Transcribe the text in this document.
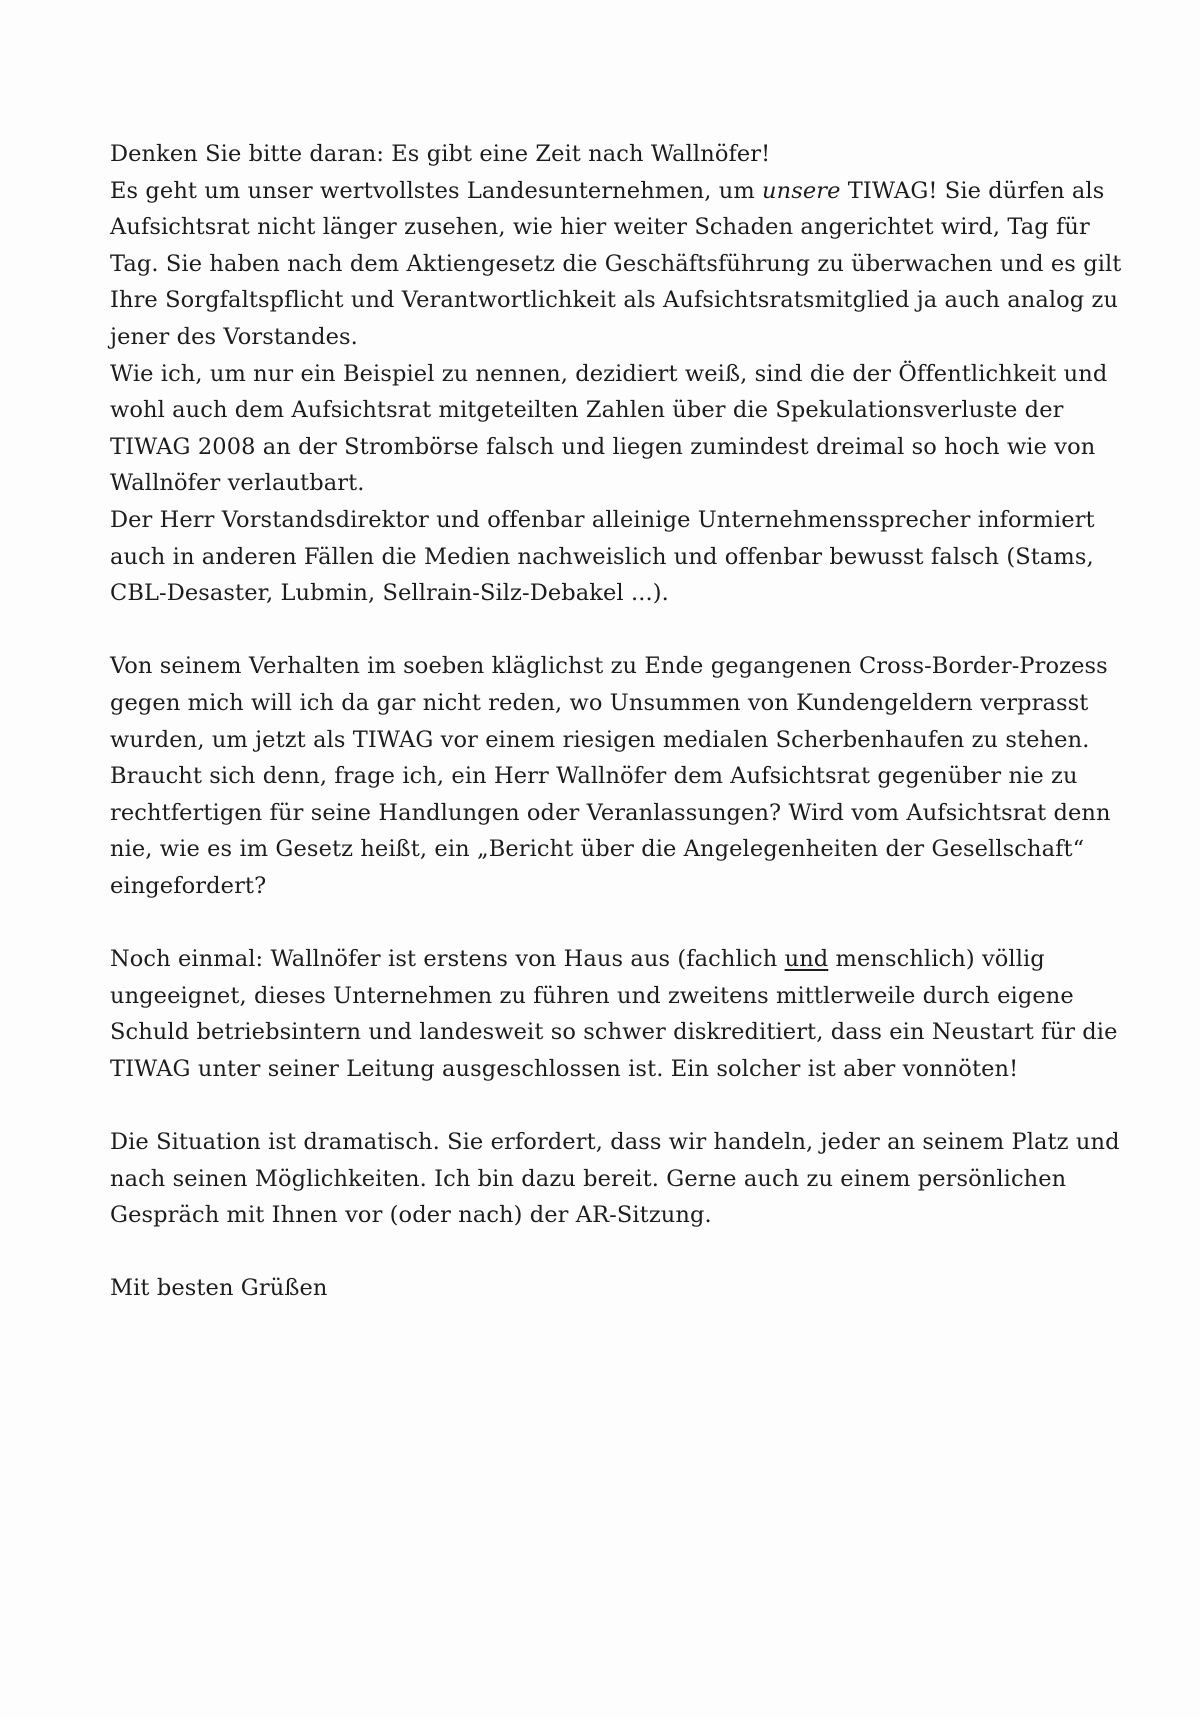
Denken Sie bitte daran: Es gibt eine Zeit nach Wallnöfer!
Es geht um unser wertvollstes Landesunternehmen, um unsere TIWAG! Sie dürfen als
Aufsichtsrat nicht länger zusehen, wie hier weiter Schaden angerichtet wird, Tag für
Tag. Sie haben nach dem Aktiengesetz die Geschäftsführung zu überwachen und es gilt
Ihre Sorgfaltspflicht und Verantwortlichkeit als Aufsichtsratsmitglied ja auch analog zu
jener des Vorstandes.
Wie ich, um nur ein Beispiel zu nennen, dezidiert weiß, sind die der Öffentlichkeit und
wohl auch dem Aufsichtsrat mitgeteilten Zahlen über die Spekulationsverluste der
TIWAG 2008 an der Strombörse falsch und liegen zumindest dreimal so hoch wie von
Wallnöfer verlautbart.
Der Herr Vorstandsdirektor und offenbar alleinige Unternehmenssprecher informiert
auch in anderen Fällen die Medien nachweislich und offenbar bewusst falsch (Stams,
CBL-Desaster, Lubmin, Sellrain-Silz-Debakel ...).
Von seinem Verhalten im soeben kläglichst zu Ende gegangenen Cross-Border-Prozess
gegen mich will ich da gar nicht reden, wo Unsummen von Kundengeldern verprasst
wurden, um jetzt als TIWAG vor einem riesigen medialen Scherbenhaufen zu stehen.
Braucht sich denn, frage ich, ein Herr Wallnöfer dem Aufsichtsrat gegenüber nie zu
rechtfertigen für seine Handlungen oder Veranlassungen? Wird vom Aufsichtsrat denn
nie, wie es im Gesetz heißt, ein „Bericht über die Angelegenheiten der Gesellschaft“
eingefordert?
Noch einmal: Wallnöfer ist erstens von Haus aus (fachlich und menschlich) völlig
ungeeignet, dieses Unternehmen zu führen und zweitens mittlerweile durch eigene
Schuld betriebsintern und landesweit so schwer diskreditiert, dass ein Neustart für die
TIWAG unter seiner Leitung ausgeschlossen ist. Ein solcher ist aber vonnöten!
Die Situation ist dramatisch. Sie erfordert, dass wir handeln, jeder an seinem Platz und
nach seinen Möglichkeiten. Ich bin dazu bereit. Gerne auch zu einem persönlichen
Gespräch mit Ihnen vor (oder nach) der AR-Sitzung.
Mit besten Grüßen
